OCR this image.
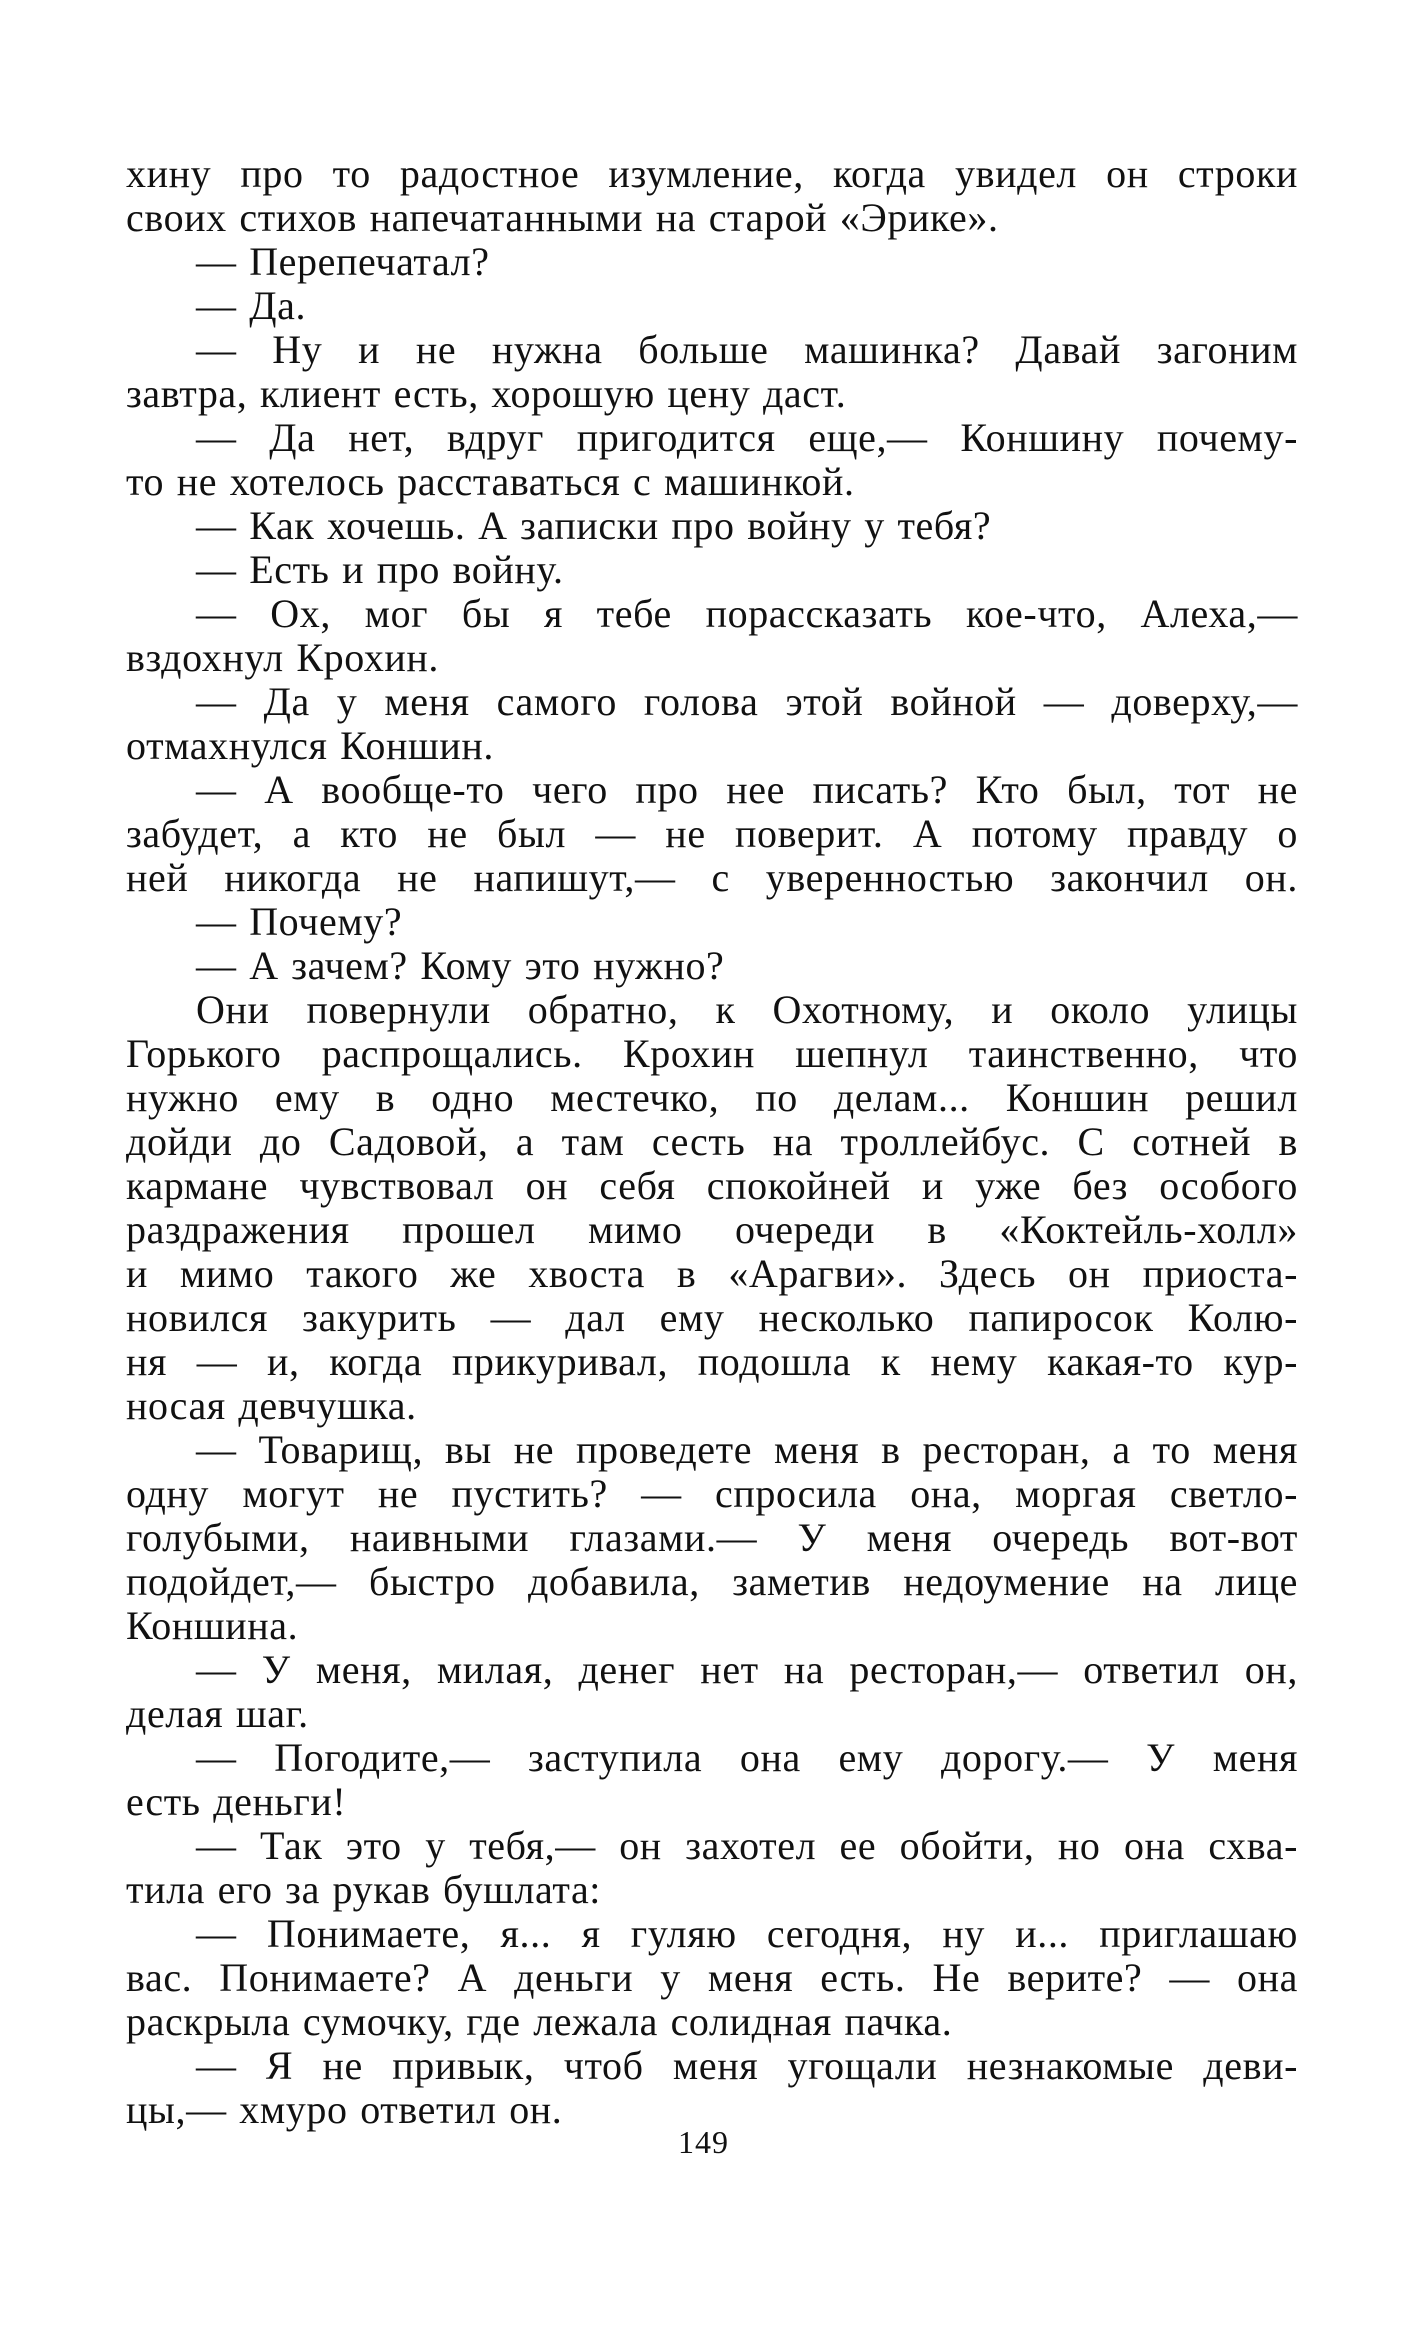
хину про то радостное изумление, когда увидел он строки
своих стихов напечатанными на старой «Эрике».
— Перепечатал?
— Да.
— Ну и не нужна больше машинка? Давай загоним
завтра, клиент есть, хорошую цену даст.
— Да нет, вдруг пригодится еще,— Коншину почему-
то не хотелось расставаться с машинкой.
— Как хочешь. А записки про войну у тебя?
— Есть и про войну.
— Ох, мог бы я тебе порассказать кое-что, Алеха,—
вздохнул Крохин.
— Да у меня самого голова этой войной — доверху,—
отмахнулся Коншин.
— А вообще-то чего про нее писать? Кто был, тот не
забудет, а кто не был — не поверит. А потому правду о
ней никогда не напишут,— с уверенностью закончил он.
— Почему?
— А зачем? Кому это нужно?
Они повернули обратно, к Охотному, и около улицы
Горького распрощались. Крохин шепнул таинственно, что
нужно ему в одно местечко, по делам... Коншин решил
дойди до Садовой, а там сесть на троллейбус. С сотней в
кармане чувствовал он себя спокойней и уже без особого
раздражения прошел мимо очереди в «Коктейль-холл»
и мимо такого же хвоста в «Арагви». Здесь он приоста-
новился закурить — дал ему несколько папиросок Колю-
ня — и, когда прикуривал, подошла к нему какая-то кур-
носая девчушка.
— Товарищ, вы не проведете меня в ресторан, а то меня
одну могут не пустить? — спросила она, моргая светло-
голубыми, наивными глазами.— У меня очередь вот-вот
подойдет,— быстро добавила, заметив недоумение на лице
Коншина.
— У меня, милая, денег нет на ресторан,— ответил он,
делая шаг.
— Погодите,— заступила она ему дорогу.— У меня
есть деньги!
— Так это у тебя,— он захотел ее обойти, но она схва-
тила его за рукав бушлата:
— Понимаете, я... я гуляю сегодня, ну и... приглашаю
вас. Понимаете? А деньги у меня есть. Не верите? — она
раскрыла сумочку, где лежала солидная пачка.
— Я не привык, чтоб меня угощали незнакомые деви-
цы,— хмуро ответил он.
149
